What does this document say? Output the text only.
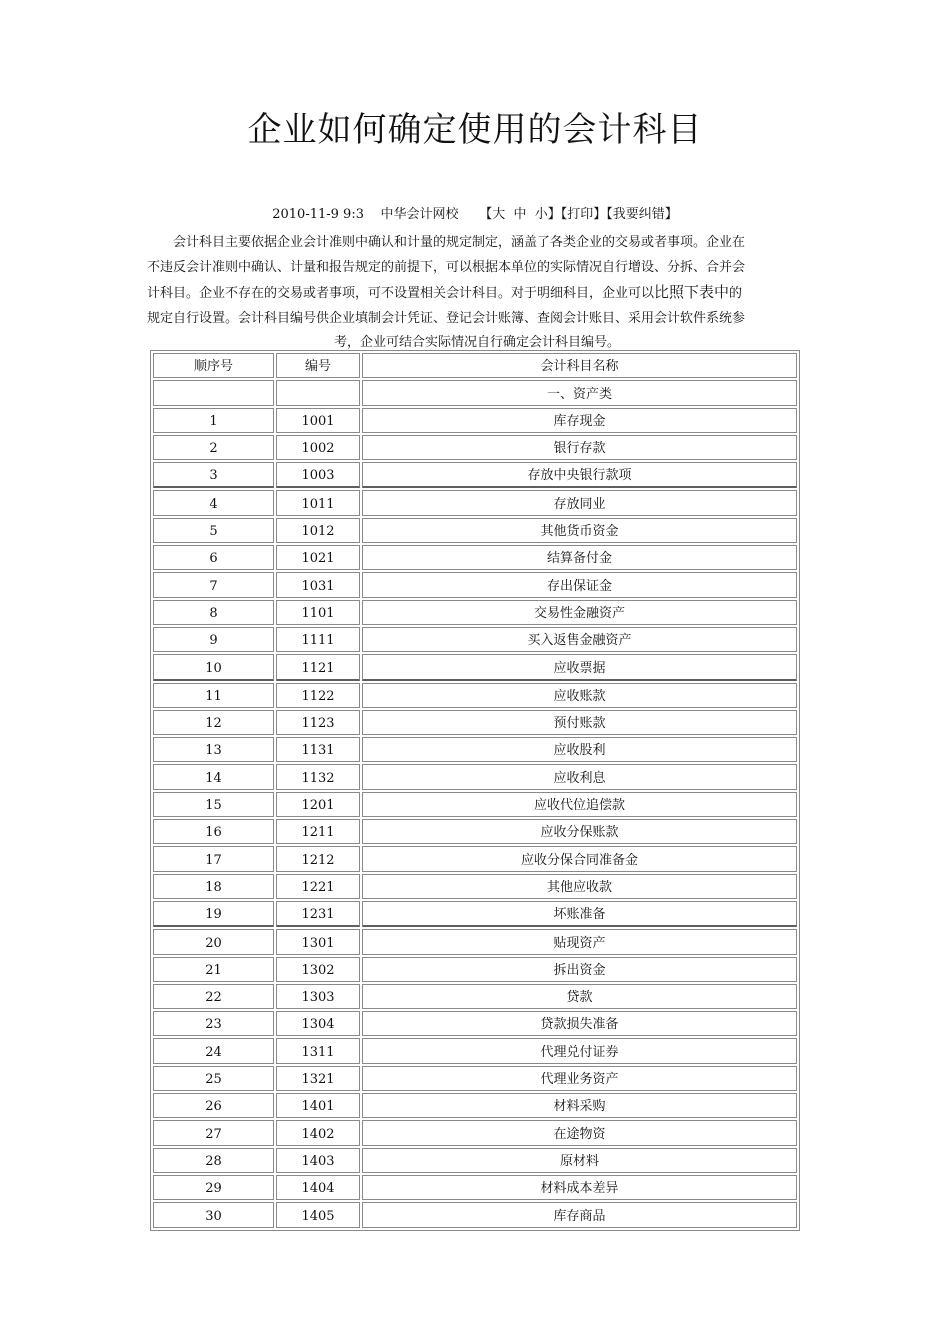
企业如何确定使用的会计科目
2010-11-9 9:3 中华会计网校 【大  中  小】【打印】【我要纠错】

会计科目主要依据企业会计准则中确认和计量的规定制定，涵盖了各类企业的交易或者事项。企业在

不违反会计准则中确认、计量和报告规定的前提下，可以根据本单位的实际情况自行增设、分拆、合并会

计科目。企业不存在的交易或者事项，可不设置相关会计科目。对于明细科目，企业可以比照下表中的

规定自行设置。会计科目编号供企业填制会计凭证、登记会计账簿、查阅会计账目、采用会计软件系统参

考，企业可结合实际情况自行确定会计科目编号。

顺序号	编号	会计科目名称
		一、资产类
1	1001	库存现金
2	1002	银行存款
3	1003	存放中央银行款项
4	1011	存放同业
5	1012	其他货币资金
6	1021	结算备付金
7	1031	存出保证金
8	1101	交易性金融资产
9	1111	买入返售金融资产
10	1121	应收票据
11	1122	应收账款
12	1123	预付账款
13	1131	应收股利
14	1132	应收利息
15	1201	应收代位追偿款
16	1211	应收分保账款
17	1212	应收分保合同准备金
18	1221	其他应收款
19	1231	坏账准备
20	1301	贴现资产
21	1302	拆出资金
22	1303	贷款
23	1304	贷款损失准备
24	1311	代理兑付证券
25	1321	代理业务资产
26	1401	材料采购
27	1402	在途物资
28	1403	原材料
29	1404	材料成本差异
30	1405	库存商品
